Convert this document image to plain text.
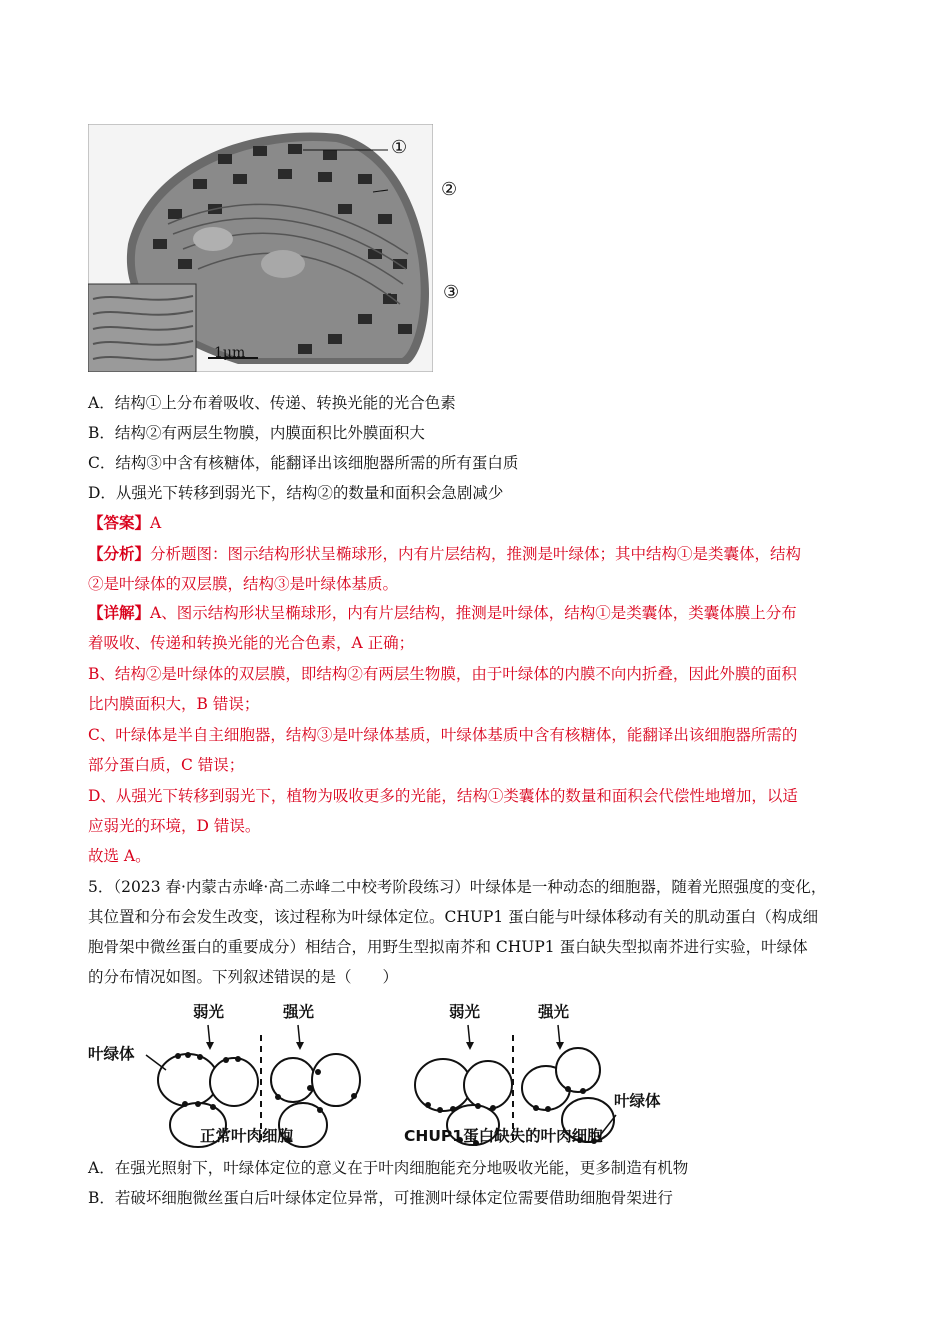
①
②
③
1μm
A．结构①上分布着吸收、传递、转换光能的光合色素
B．结构②有两层生物膜，内膜面积比外膜面积大
C．结构③中含有核糖体，能翻译出该细胞器所需的所有蛋白质
D．从强光下转移到弱光下，结构②的数量和面积会急剧减少
【答案】A
【分析】分析题图：图示结构形状呈椭球形，内有片层结构，推测是叶绿体；其中结构①是类囊体，结构
②是叶绿体的双层膜，结构③是叶绿体基质。
【详解】A、图示结构形状呈椭球形，内有片层结构，推测是叶绿体，结构①是类囊体，类囊体膜上分布
着吸收、传递和转换光能的光合色素，A 正确；
B、结构②是叶绿体的双层膜，即结构②有两层生物膜，由于叶绿体的内膜不向内折叠，因此外膜的面积
比内膜面积大，B 错误；
C、叶绿体是半自主细胞器，结构③是叶绿体基质，叶绿体基质中含有核糖体，能翻译出该细胞器所需的
部分蛋白质，C 错误；
D、从强光下转移到弱光下，植物为吸收更多的光能，结构①类囊体的数量和面积会代偿性地增加，以适
应弱光的环境，D 错误。
故选 A。
5．（2023 春·内蒙古赤峰·高二赤峰二中校考阶段练习）叶绿体是一种动态的细胞器，随着光照强度的变化，
其位置和分布会发生改变，该过程称为叶绿体定位。CHUP1 蛋白能与叶绿体移动有关的肌动蛋白（构成细
胞骨架中微丝蛋白的重要成分）相结合，用野生型拟南芥和 CHUP1 蛋白缺失型拟南芥进行实验，叶绿体
的分布情况如图。下列叙述错误的是（　　）
弱光	强光
叶绿体
正常叶肉细胞
弱光	强光
叶绿体
CHUP1蛋白缺失的叶肉细胞
A．在强光照射下，叶绿体定位的意义在于叶肉细胞能充分地吸收光能，更多制造有机物
B．若破坏细胞微丝蛋白后叶绿体定位异常，可推测叶绿体定位需要借助细胞骨架进行
